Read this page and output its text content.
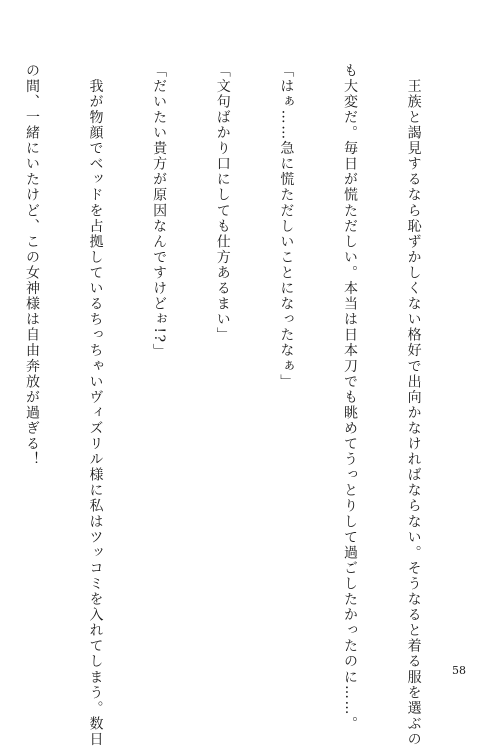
　王族と謁見するなら恥ずかしくない格好で出向かなければならない。そうなると着る服を選ぶの

も大変だ。毎日が慌ただしい。本当は日本刀でも眺めてうっとりして過ごしたかったのに……。

「はぁ……急に慌ただしいことになったなぁ」

「文句ばかり口にしても仕方あるまい」

「だいたい貴方が原因なんですけどぉ!?」

　我が物顔でベッドを占拠しているちっちゃいヴィズリル様に私はツッコミを入れてしまう。数日

の間、一緒にいたけど、この女神様は自由奔放が過ぎる！

58
